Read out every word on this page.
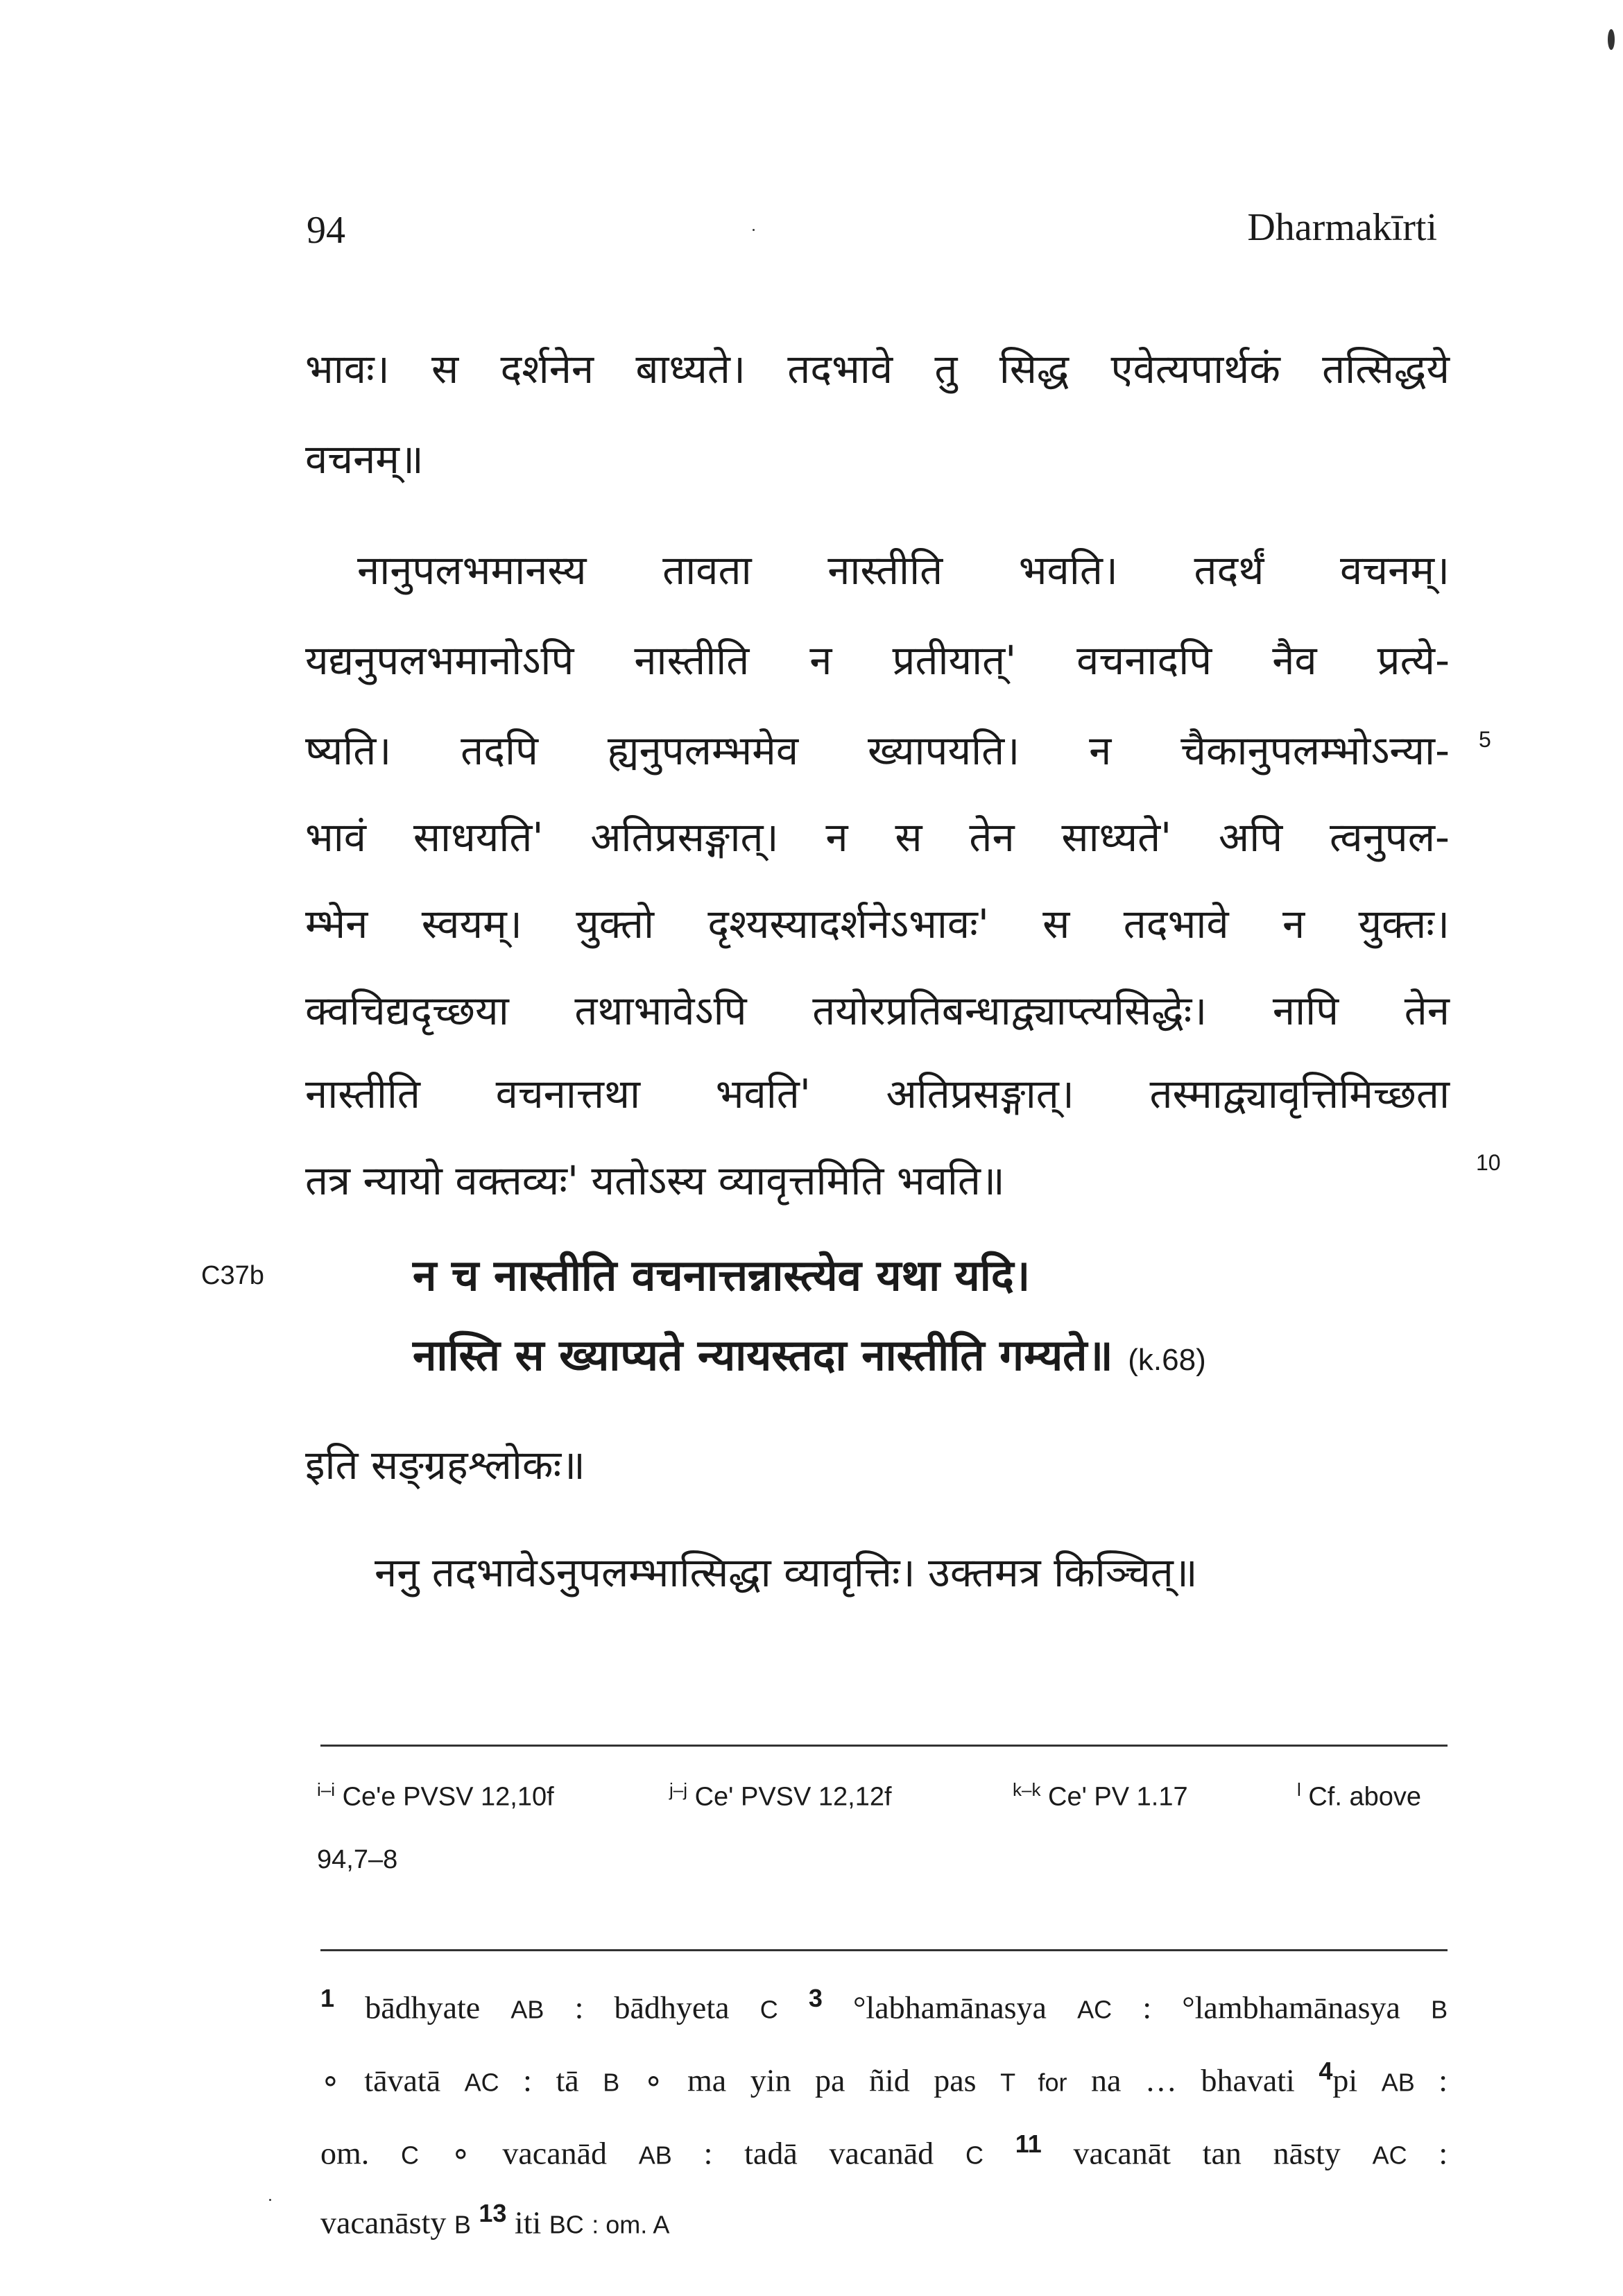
94	Dharmakīrti
भावः। स दर्शनेन बाध्यते। तदभावे तु सिद्ध एवेत्यपार्थकं तत्सिद्धये
वचनम्॥
नानुपलभमानस्य तावता नास्तीति भवति। तदर्थं वचनम्।
यद्यनुपलभमानोऽपि नास्तीति न प्रतीयात्' वचनादपि नैव प्रत्ये-
ष्यति। तदपि ह्यनुपलम्भमेव ख्यापयति। न चैकानुपलम्भोऽन्या-
भावं साधयति' अतिप्रसङ्गात्। न स तेन साध्यते' अपि त्वनुपल-
म्भेन स्वयम्। युक्तो दृश्यस्यादर्शनेऽभावः' स तदभावे न युक्तः।
क्वचिद्यदृच्छया तथाभावेऽपि तयोरप्रतिबन्धाद्व्याप्त्यसिद्धेः। नापि तेन
नास्तीति वचनात्तथा भवति' अतिप्रसङ्गात्। तस्माद्व्यावृत्तिमिच्छता
तत्र न्यायो वक्तव्यः' यतोऽस्य व्यावृत्तमिति भवति॥
5
10
C37b	न च नास्तीति वचनात्तन्नास्त्येव यथा यदि।
नास्ति स ख्याप्यते न्यायस्तदा नास्तीति गम्यते॥ (k.68)
इति सङ्ग्रहश्लोकः॥
ननु तदभावेऽनुपलम्भात्सिद्धा व्यावृत्तिः। उक्तमत्र किञ्चित्॥
$^{i-i}$ Ce'e PVSV 12,10f	$^{j-j}$ Ce' PVSV 12,12f	$^{k-k}$ Ce' PV 1.17	$^l$ Cf. above
94,7–8
$^1$ bādhyate AB : bādhyeta C $^3$ °labhamānasya AC : °lambhamānasya B
∘ tāvatā AC : tā B ∘ ma yin pa ñid pas T for na … bhavati $^4$pi AB :
om. C ∘ vacanād AB : tadā vacanād C $^{11}$ vacanāt tan nāsty AC :
vacanāsty B $^{13}$ iti BC : om. A
